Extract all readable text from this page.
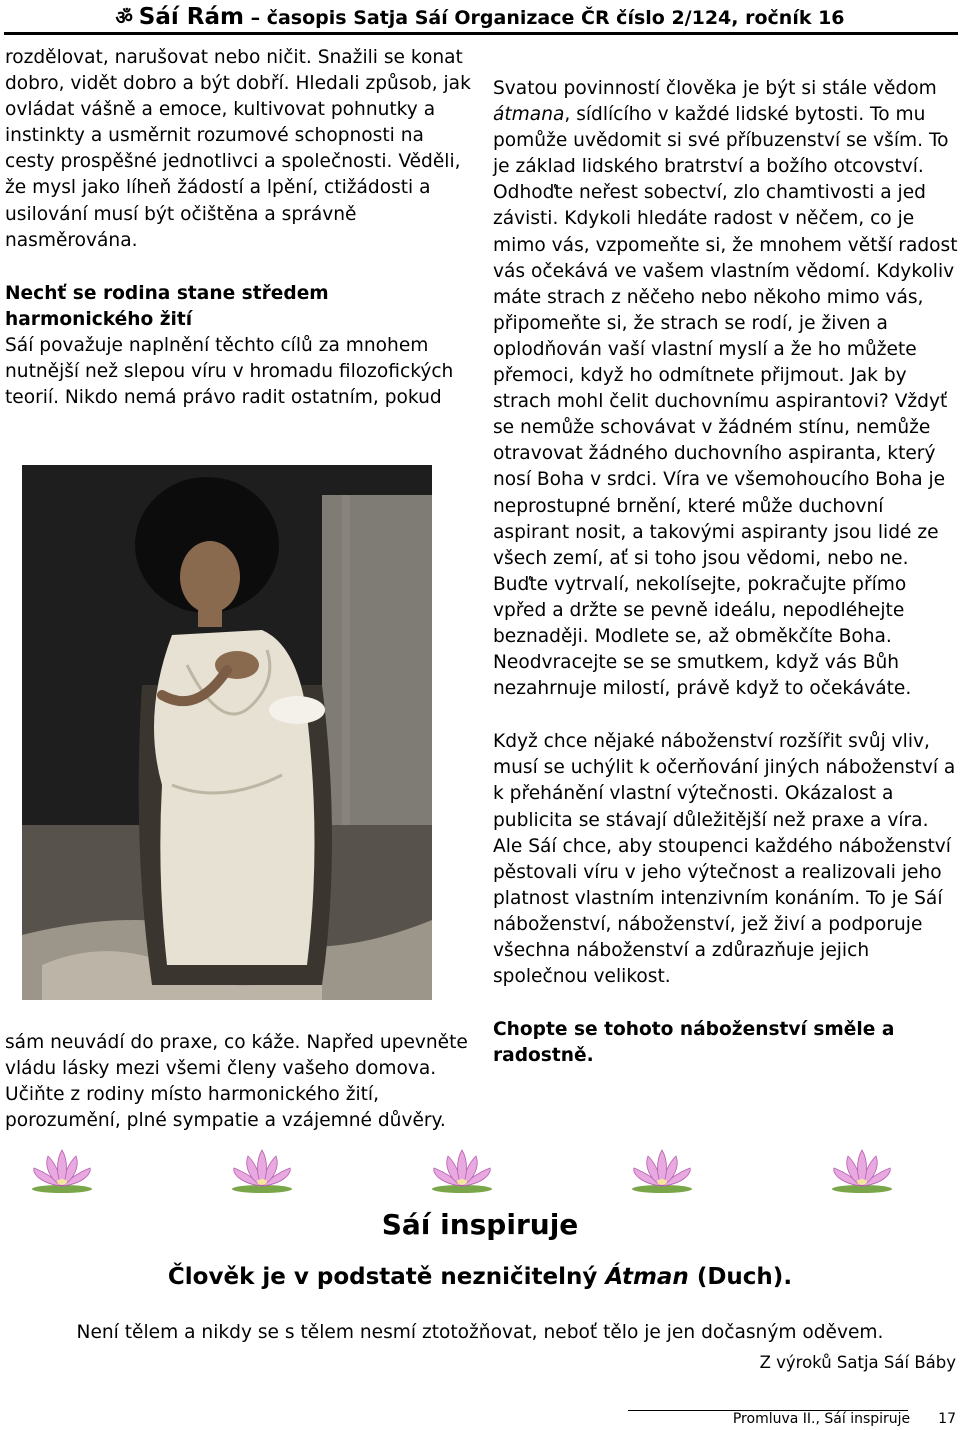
ॐ Sáí Rám – časopis Satja Sáí Organizace ČR číslo 2/124, ročník 16

rozdělovat, narušovat nebo ničit. Snažili se konat dobro, vidět dobro a být dobří. Hledali způsob, jak ovládat vášně a emoce, kultivovat pohnutky a instinkty a usměrnit rozumové schopnosti na cesty prospěšné jednotlivci a společnosti. Věděli, že mysl jako líheň žádostí a lpění, ctižádosti a usilování musí být očištěna a správně nasměrována.

Nechť se rodina stane středem harmonického žití

Sáí považuje naplnění těchto cílů za mnohem nutnější než slepou víru v hromadu filozofických teorií. Nikdo nemá právo radit ostatním, pokud

sám neuvádí do praxe, co káže. Napřed upevněte vládu lásky mezi všemi členy vašeho domova. Učiňte z rodiny místo harmonického žití, porozumění, plné sympatie a vzájemné důvěry.

Svatou povinností člověka je být si stále vědom átmana, sídlícího v každé lidské bytosti. To mu pomůže uvědomit si své příbuzenství se vším. To je základ lidského bratrství a božího otcovství. Odhoďte neřest sobectví, zlo chamtivosti a jed závisti. Kdykoli hledáte radost v něčem, co je mimo vás, vzpomeňte si, že mnohem větší radost vás očekává ve vašem vlastním vědomí. Kdykoliv máte strach z něčeho nebo někoho mimo vás, připomeňte si, že strach se rodí, je živen a oplodňován vaší vlastní myslí a že ho můžete přemoci, když ho odmítnete přijmout. Jak by strach mohl čelit duchovnímu aspirantovi? Vždyť se nemůže schovávat v žádném stínu, nemůže otravovat žádného duchovního aspiranta, který nosí Boha v srdci. Víra ve všemohoucího Boha je neprostupné brnění, které může duchovní aspirant nosit, a takovými aspiranty jsou lidé ze všech zemí, ať si toho jsou vědomi, nebo ne. Buďte vytrvalí, nekolísejte, pokračujte přímo vpřed a držte se pevně ideálu, nepodléhejte beznaději. Modlete se, až obměkčíte Boha. Neodvracejte se se smutkem, když vás Bůh nezahrnuje milostí, právě když to očekáváte.

Když chce nějaké náboženství rozšířit svůj vliv, musí se uchýlit k očerňování jiných náboženství a k přehánění vlastní výtečnosti. Okázalost a publicita se stávají důležitější než praxe a víra. Ale Sáí chce, aby stoupenci každého náboženství pěstovali víru v jeho výtečnost a realizovali jeho platnost vlastním intenzivním konáním. To je Sáí náboženství, náboženství, jež živí a podporuje všechna náboženství a zdůrazňuje jejich společnou velikost.

Chopte se tohoto náboženství směle a radostně.

Sáí inspiruje
Člověk je v podstatě nezničitelný Átman (Duch).
Není tělem a nikdy se s tělem nesmí ztotožňovat, neboť tělo je jen dočasným oděvem.
Z výroků Satja Sáí Báby
Promluva II., Sáí inspiruje 17
